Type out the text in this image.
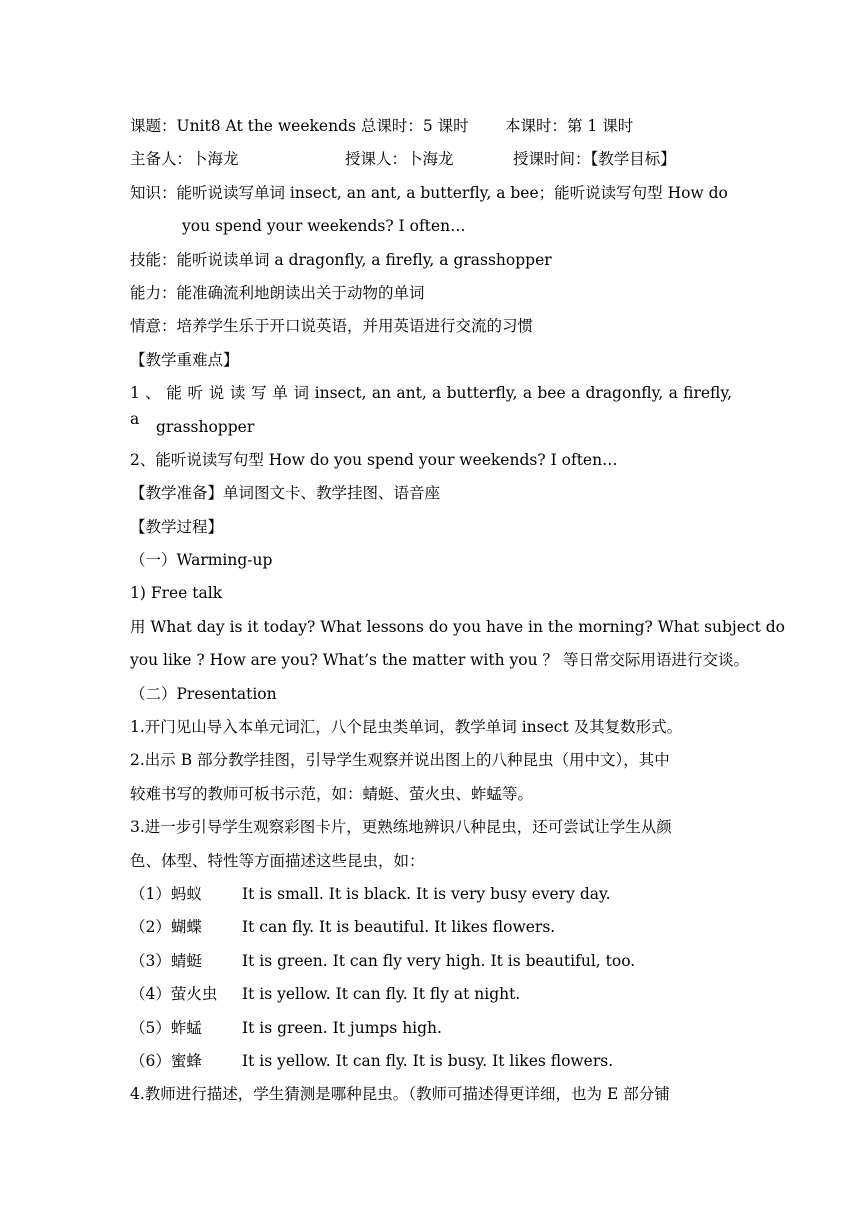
课题：Unit8 At the weekends 总课时：5 课时 本课时：第 1 课时
主备人：卜海龙	授课人：卜海龙	授课时间：【教学目标】
知识：能听说读写单词 insect, an ant, a butterfly, a bee；能听说读写句型 How do
you spend your weekends? I often…
技能：能听说读单词 a dragonfly, a firefly, a grasshopper
能力：能准确流利地朗读出关于动物的单词
情意：培养学生乐于开口说英语，并用英语进行交流的习惯
【教学重难点】
1 、 能 听 说 读 写 单 词 insect, an ant, a butterfly, a bee a dragonfly, a firefly, a	grasshopper
2、能听说读写句型 How do you spend your weekends? I often…
【教学准备】单词图文卡、教学挂图、语音座
【教学过程】
（一）Warming-up
1) Free talk
用 What day is it today? What lessons do you have in the morning? What subject do
you like ? How are you? What’s the matter with you ？ 等日常交际用语进行交谈。
（二）Presentation
1.开门见山导入本单元词汇，八个昆虫类单词，教学单词 insect 及其复数形式。
2.出示 B 部分教学挂图，引导学生观察并说出图上的八种昆虫（用中文），其中
较难书写的教师可板书示范，如：蜻蜓、萤火虫、蚱蜢等。
3.进一步引导学生观察彩图卡片，更熟练地辨识八种昆虫，还可尝试让学生从颜
色、体型、特性等方面描述这些昆虫，如：
（1）蚂蚁	It is small. It is black. It is very busy every day.
（2）蝴蝶	It can fly. It is beautiful. It likes flowers.
（3）蜻蜓	It is green. It can fly very high. It is beautiful, too.
（4）萤火虫 It is yellow. It can fly. It fly at night.
（5）蚱蜢	It is green. It jumps high.
（6）蜜蜂	It is yellow. It can fly. It is busy. It likes flowers.
4.教师进行描述，学生猜测是哪种昆虫。（教师可描述得更详细，也为 E 部分铺
